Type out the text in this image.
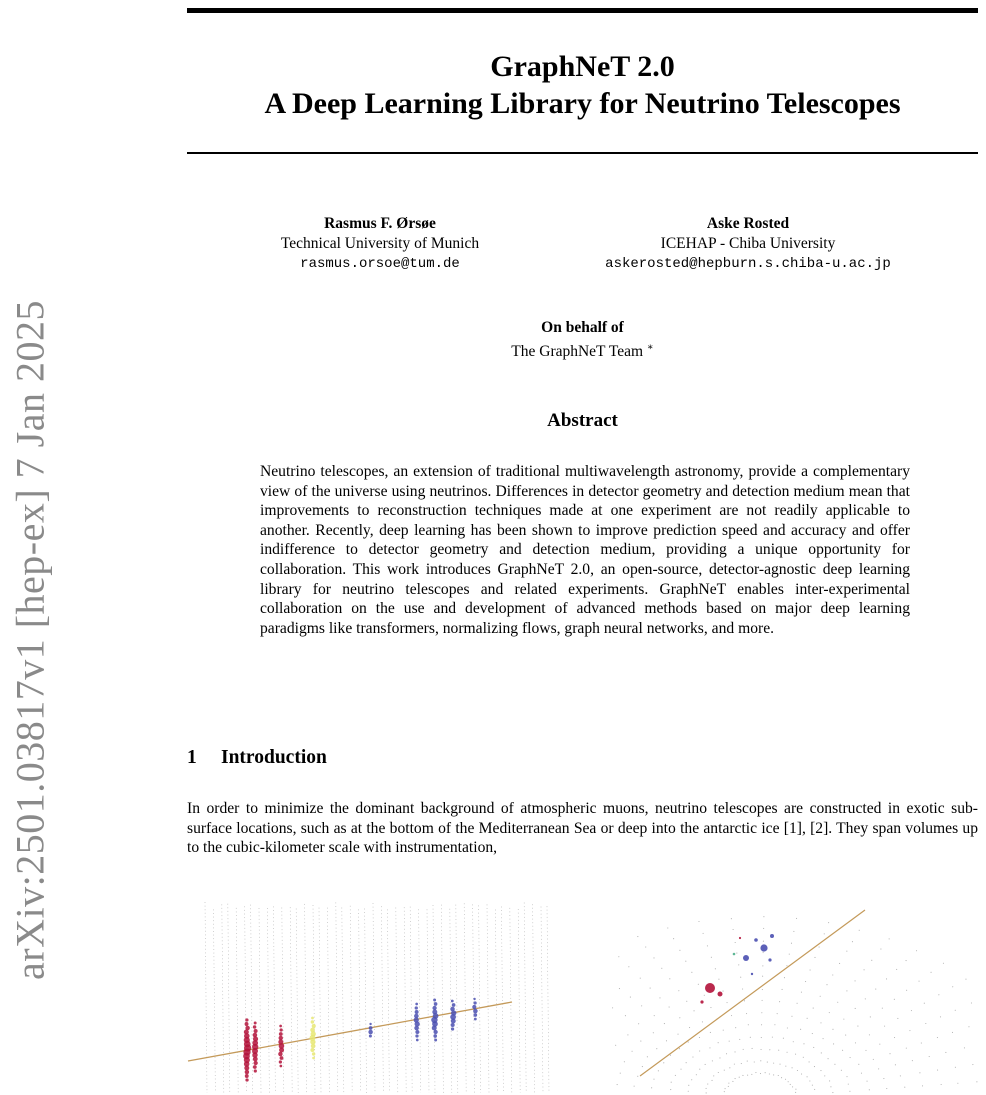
arXiv:2501.03817v1 [hep-ex] 7 Jan 2025
GraphNeT 2.0
A Deep Learning Library for Neutrino Telescopes
Rasmus F. Ørsøe
Technical University of Munich
rasmus.orsoe@tum.de
Aske Rosted
ICEHAP - Chiba University
askerosted@hepburn.s.chiba-u.ac.jp
On behalf of
The GraphNeT Team ∗
Abstract
Neutrino telescopes, an extension of traditional multiwavelength astronomy, provide a complementary view of the universe using neutrinos. Differences in detector geometry and detection medium mean that improvements to reconstruction techniques made at one experiment are not readily applicable to another. Recently, deep learning has been shown to improve prediction speed and accuracy and offer indifference to detector geometry and detection medium, providing a unique opportunity for collaboration. This work introduces GraphNeT 2.0, an open-source, detector-agnostic deep learning library for neutrino telescopes and related experiments. GraphNeT enables inter-experimental collaboration on the use and development of advanced methods based on major deep learning paradigms like transformers, normalizing flows, graph neural networks, and more.
1 Introduction
In order to minimize the dominant background of atmospheric muons, neutrino telescopes are constructed in exotic sub-surface locations, such as at the bottom of the Mediterranean Sea or deep into the antarctic ice [1], [2]. They span volumes up to the cubic-kilometer scale with instrumentation,
